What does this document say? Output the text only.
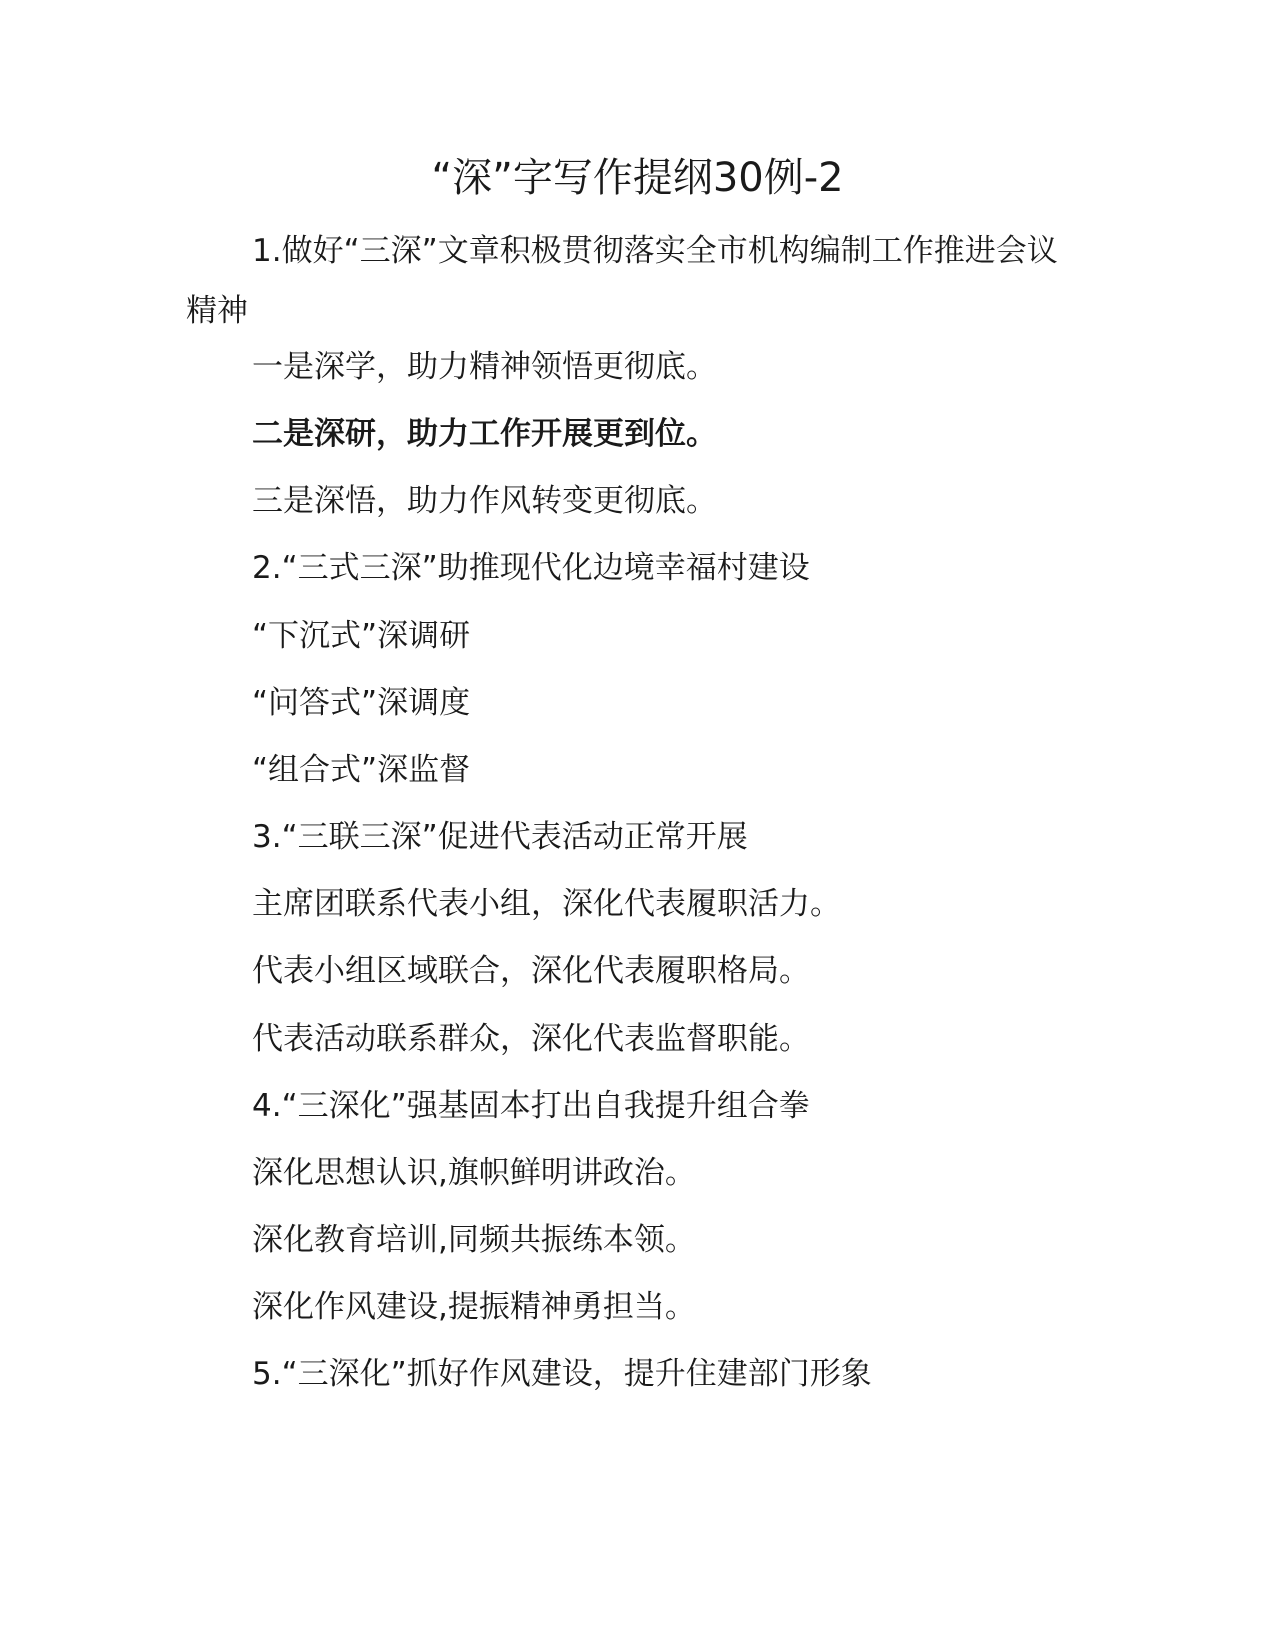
“深”字写作提纲30例-2

1.做好“三深”文章积极贯彻落实全市机构编制工作推进会议精神

一是深学，助力精神领悟更彻底。

二是深研，助力工作开展更到位。

三是深悟，助力作风转变更彻底。

2.“三式三深”助推现代化边境幸福村建设

“下沉式”深调研

“问答式”深调度

“组合式”深监督

3.“三联三深”促进代表活动正常开展

主席团联系代表小组，深化代表履职活力。

代表小组区域联合，深化代表履职格局。

代表活动联系群众，深化代表监督职能。

4.“三深化”强基固本打出自我提升组合拳

深化思想认识,旗帜鲜明讲政治。

深化教育培训,同频共振练本领。

深化作风建设,提振精神勇担当。

5.“三深化”抓好作风建设，提升住建部门形象
